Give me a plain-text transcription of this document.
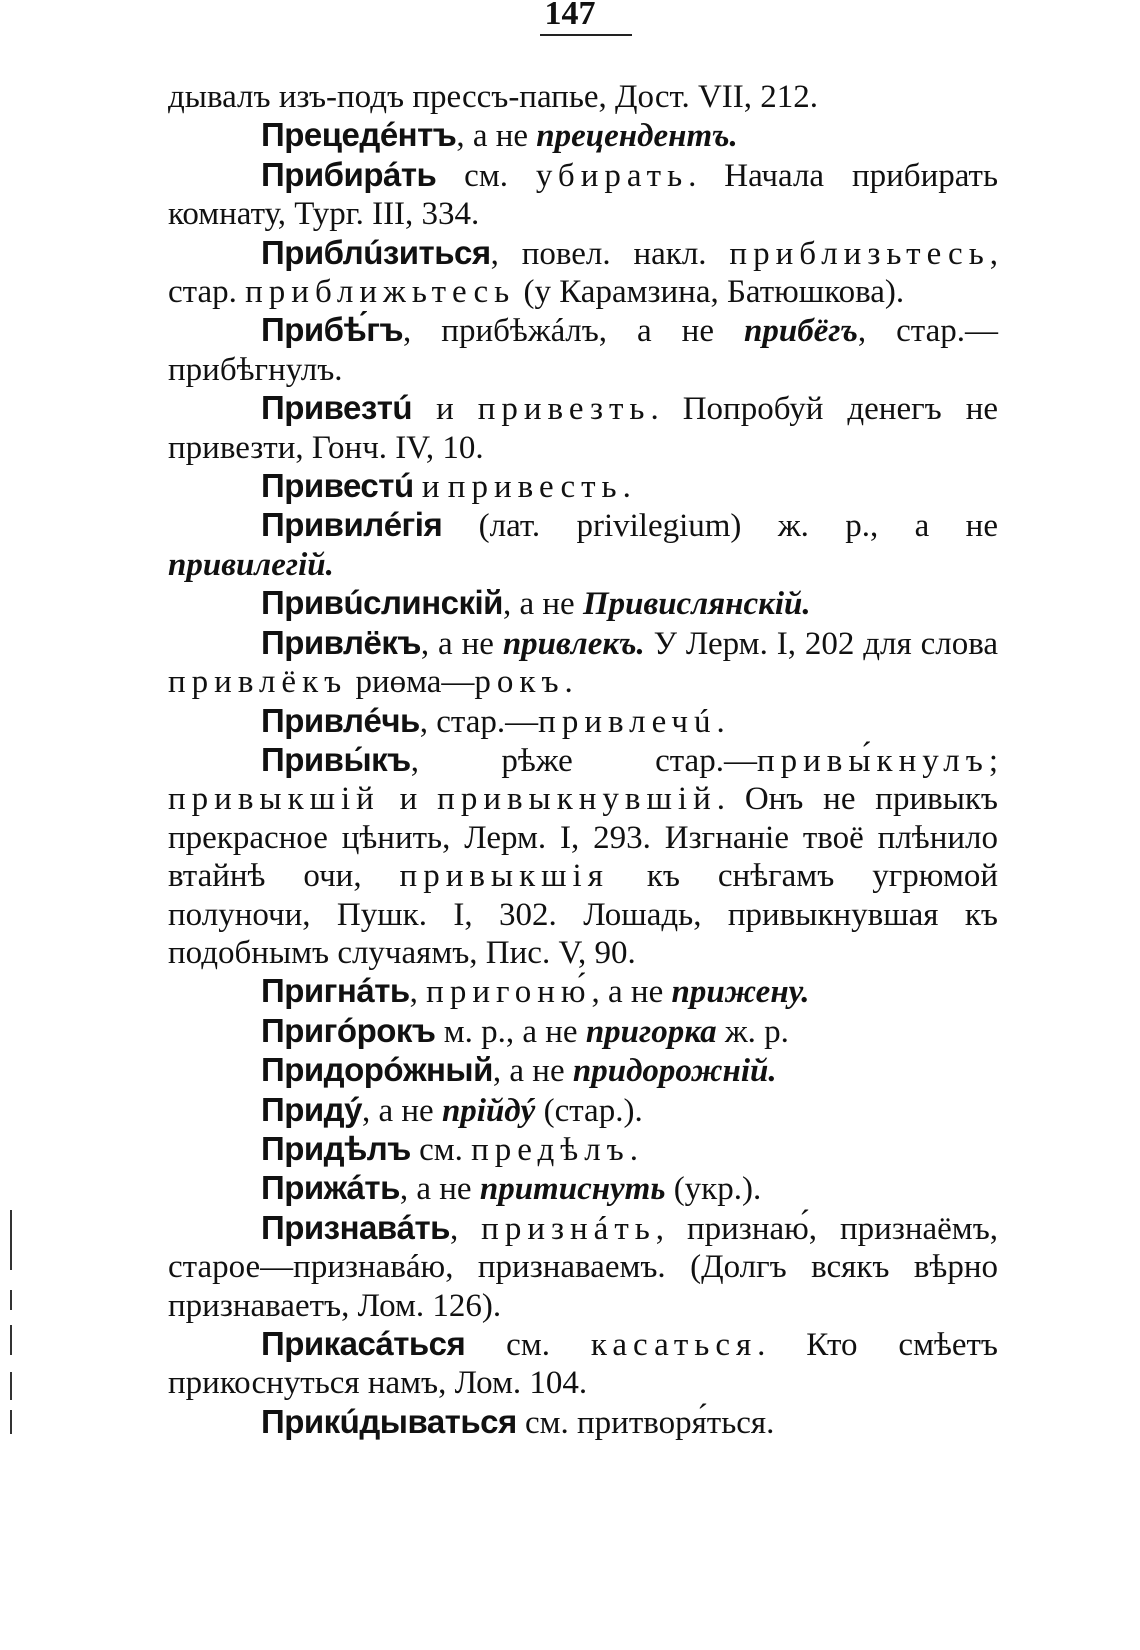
147

дывалъ изъ-подъ прессъ-папье, Дост. VII, 212.

Прецедéнтъ, а не прецендентъ.

Прибирáть см. убирать. Начала прибирать комнату, Тург. III, 334.

Приблúзиться, повел. накл. приблизьтесь, стар. приближьтесь (у Карамзина, Батюшкова).

Прибѣ́гъ, прибѣжáлъ, а не прибёгъ, стар.— прибѣгнулъ.

Привезтú и привезть. Попробуй денегъ не привезти, Гонч. IV, 10.

Привестú и привесть.

Привилéгія (лат. privilegium) ж. р., а не привилегій.

Привúслинскій, а не Привислянскій.

Привлёкъ, а не привлекъ. У Лерм. I, 202 для слова привлёкъ риөма—рокъ.

Привлéчь, стар.—привлечú.

Привы́къ, рѣже стар.—привы́кнулъ; привыкшій и привыкнувшій. Онъ не привыкъ прекрасное цѣнить, Лерм. I, 293. Изгнаніе твоё плѣнило втайнѣ очи, привыкшія къ снѣгамъ угрюмой полуночи, Пушк. I, 302. Лошадь, привыкнувшая къ подобнымъ случаямъ, Пис. V, 90.

Пригнáть, пригоню́, а не прижену.

Пригóрокъ м. р., а не пригорка ж. р.

Придорóжный, а не придорожній.

Придý, а не прійдý (стар.).

Придѣлъ см. предѣлъ.

Прижáть, а не притиснуть (укр.).

Признавáть, признáть, признаю́, признаёмъ, старое—признавáю, признаваемъ. (Долгъ всякъ вѣрно признаваетъ, Лом. 126).

Прикасáться см. касаться. Кто смѣетъ прикоснуться намъ, Лом. 104.

Прикúдываться см. притворя́ться.
